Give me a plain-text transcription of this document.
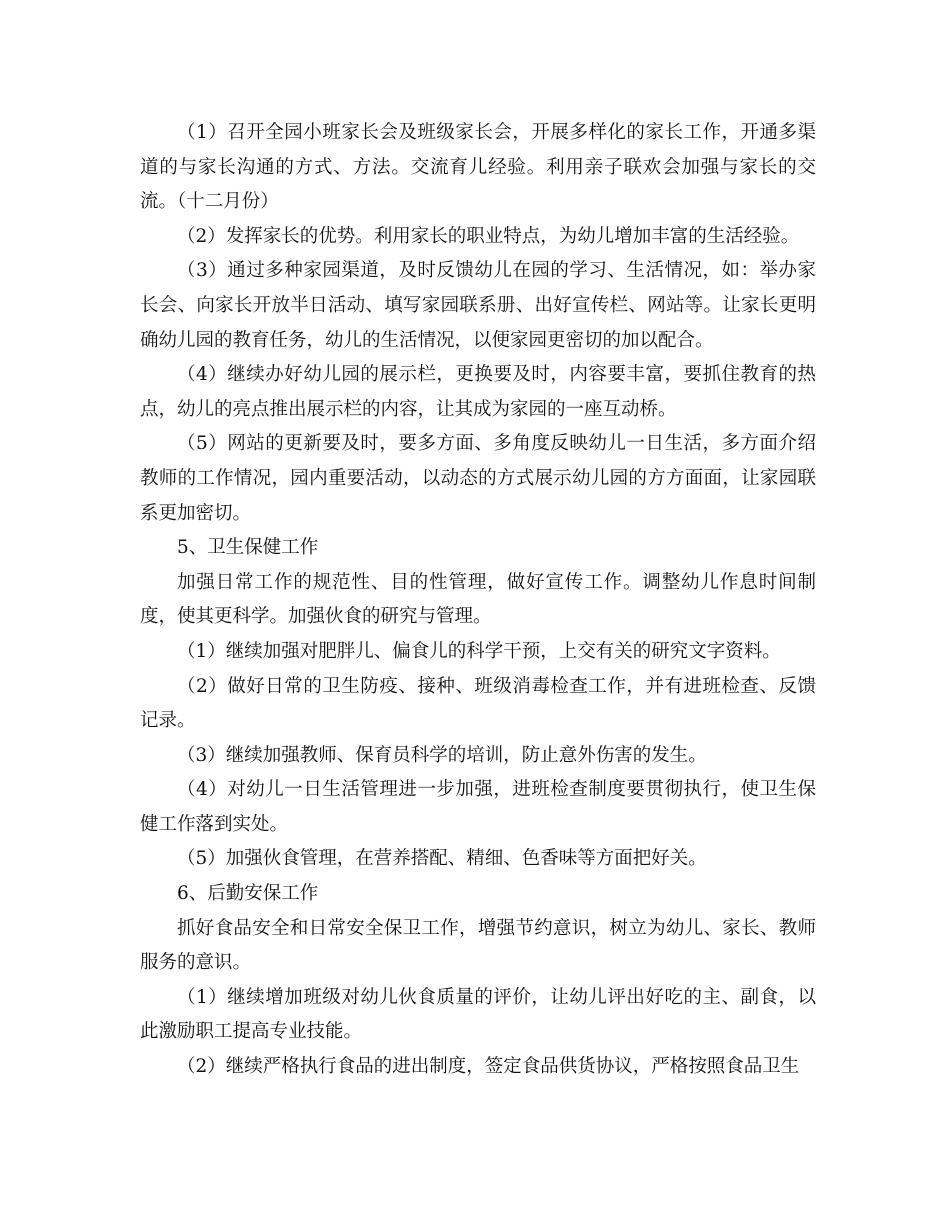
（1）召开全园小班家长会及班级家长会，开展多样化的家长工作，开通多渠道的与家长沟通的方式、方法。交流育儿经验。利用亲子联欢会加强与家长的交流。（十二月份）

（2）发挥家长的优势。利用家长的职业特点，为幼儿增加丰富的生活经验。

（3）通过多种家园渠道，及时反馈幼儿在园的学习、生活情况，如：举办家长会、向家长开放半日活动、填写家园联系册、出好宣传栏、网站等。让家长更明确幼儿园的教育任务，幼儿的生活情况，以便家园更密切的加以配合。

（4）继续办好幼儿园的展示栏，更换要及时，内容要丰富，要抓住教育的热点，幼儿的亮点推出展示栏的内容，让其成为家园的一座互动桥。

（5）网站的更新要及时，要多方面、多角度反映幼儿一日生活，多方面介绍教师的工作情况，园内重要活动，以动态的方式展示幼儿园的方方面面，让家园联系更加密切。

5、卫生保健工作

加强日常工作的规范性、目的性管理，做好宣传工作。调整幼儿作息时间制度，使其更科学。加强伙食的研究与管理。

（1）继续加强对肥胖儿、偏食儿的科学干预，上交有关的研究文字资料。

（2）做好日常的卫生防疫、接种、班级消毒检查工作，并有进班检查、反馈记录。

（3）继续加强教师、保育员科学的培训，防止意外伤害的发生。

（4）对幼儿一日生活管理进一步加强，进班检查制度要贯彻执行，使卫生保健工作落到实处。

（5）加强伙食管理，在营养搭配、精细、色香味等方面把好关。

6、后勤安保工作

抓好食品安全和日常安全保卫工作，增强节约意识，树立为幼儿、家长、教师服务的意识。

（1）继续增加班级对幼儿伙食质量的评价，让幼儿评出好吃的主、副食，以此激励职工提高专业技能。

（2）继续严格执行食品的进出制度，签定食品供货协议，严格按照食品卫生
